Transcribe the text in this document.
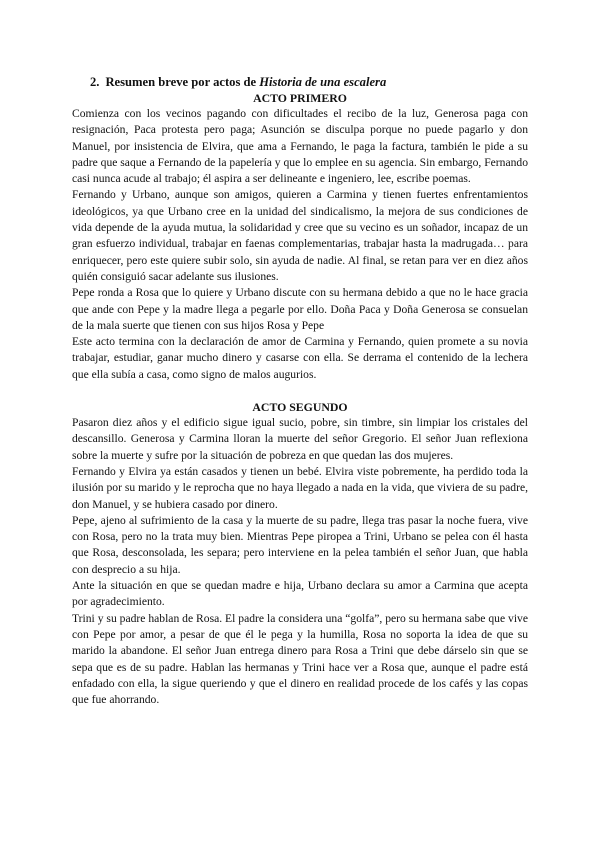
2. Resumen breve por actos de Historia de una escalera
ACTO PRIMERO

Comienza con los vecinos pagando con dificultades el recibo de la luz, Generosa paga con resignación, Paca protesta pero paga; Asunción se disculpa porque no puede pagarlo y don Manuel, por insistencia de Elvira, que ama a Fernando, le paga la factura, también le pide a su padre que saque a Fernando de la papelería y que lo emplee en su agencia. Sin embargo, Fernando casi nunca acude al trabajo; él aspira a ser delineante e ingeniero, lee, escribe poemas.

Fernando y Urbano, aunque son amigos, quieren a Carmina y tienen fuertes enfrentamientos ideológicos, ya que Urbano cree en la unidad del sindicalismo, la mejora de sus condiciones de vida depende de la ayuda mutua, la solidaridad y cree que su vecino es un soñador, incapaz de un gran esfuerzo individual, trabajar en faenas complementarias, trabajar hasta la madrugada… para enriquecer, pero este quiere subir solo, sin ayuda de nadie. Al final, se retan para ver en diez años quién consiguió sacar adelante sus ilusiones.

Pepe ronda a Rosa que lo quiere y Urbano discute con su hermana debido a que no le hace gracia que ande con Pepe y la madre llega a pegarle por ello. Doña Paca y Doña Generosa se consuelan de la mala suerte que tienen con sus hijos Rosa y Pepe

Este acto termina con la declaración de amor de Carmina y Fernando, quien promete a su novia trabajar, estudiar, ganar mucho dinero y casarse con ella. Se derrama el contenido de la lechera que ella subía a casa, como signo de malos augurios.

ACTO SEGUNDO

Pasaron diez años y el edificio sigue igual sucio, pobre, sin timbre, sin limpiar los cristales del descansillo. Generosa y Carmina lloran la muerte del señor Gregorio. El señor Juan reflexiona sobre la muerte y sufre por la situación de pobreza en que quedan las dos mujeres.

Fernando y Elvira ya están casados y tienen un bebé. Elvira viste pobremente, ha perdido toda la ilusión por su marido y le reprocha que no haya llegado a nada en la vida, que viviera de su padre, don Manuel, y se hubiera casado por dinero.

Pepe, ajeno al sufrimiento de la casa y la muerte de su padre, llega tras pasar la noche fuera, vive con Rosa, pero no la trata muy bien. Mientras Pepe piropea a Trini, Urbano se pelea con él hasta que Rosa, desconsolada, les separa; pero interviene en la pelea también el señor Juan, que habla con desprecio a su hija.

Ante la situación en que se quedan madre e hija, Urbano declara su amor a Carmina que acepta por agradecimiento.

Trini y su padre hablan de Rosa. El padre la considera una “golfa”, pero su hermana sabe que vive con Pepe por amor, a pesar de que él le pega y la humilla, Rosa no soporta la idea de que su marido la abandone. El señor Juan entrega dinero para Rosa a Trini que debe dárselo sin que se sepa que es de su padre. Hablan las hermanas y Trini hace ver a Rosa que, aunque el padre está enfadado con ella, la sigue queriendo y que el dinero en realidad procede de los cafés y las copas que fue ahorrando.
